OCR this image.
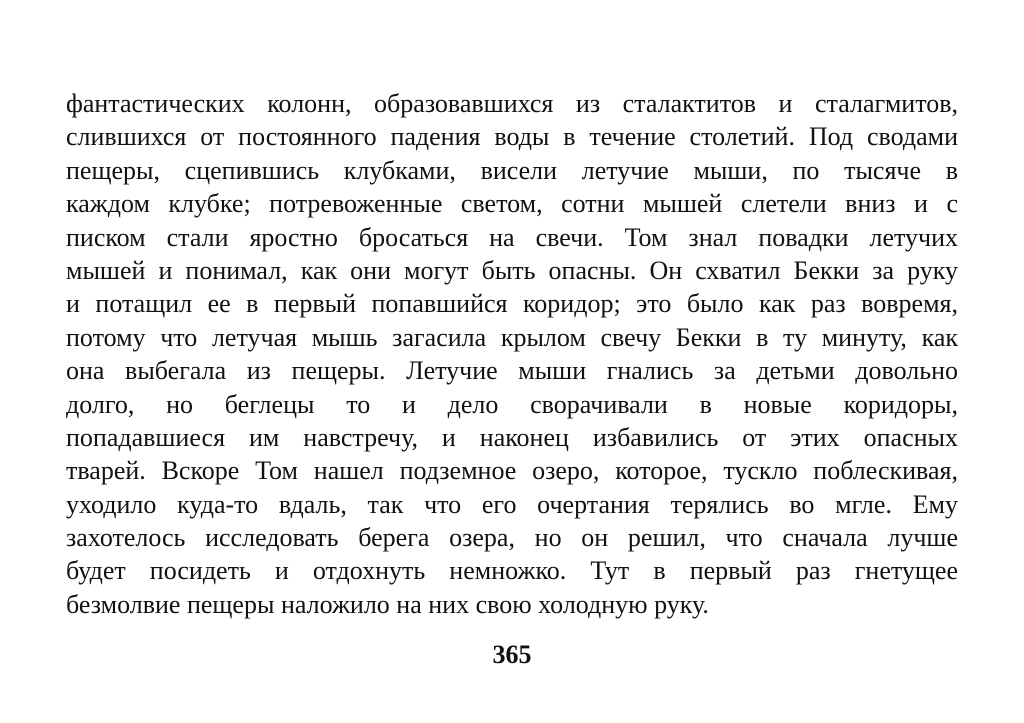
фантастических колонн, образовавшихся из сталактитов и сталагмитов,
слившихся от постоянного падения воды в течение столетий. Под сводами
пещеры, сцепившись клубками, висели летучие мыши, по тысяче в
каждом клубке; потревоженные светом, сотни мышей слетели вниз и с
писком стали яростно бросаться на свечи. Том знал повадки летучих
мышей и понимал, как они могут быть опасны. Он схватил Бекки за руку
и потащил ее в первый попавшийся коридор; это было как раз вовремя,
потому что летучая мышь загасила крылом свечу Бекки в ту минуту, как
она выбегала из пещеры. Летучие мыши гнались за детьми довольно
долго, но беглецы то и дело сворачивали в новые коридоры,
попадавшиеся им навстречу, и наконец избавились от этих опасных
тварей. Вскоре Том нашел подземное озеро, которое, тускло поблескивая,
уходило куда-то вдаль, так что его очертания терялись во мгле. Ему
захотелось исследовать берега озера, но он решил, что сначала лучше
будет посидеть и отдохнуть немножко. Тут в первый раз гнетущее
безмолвие пещеры наложило на них свою холодную руку.
365
